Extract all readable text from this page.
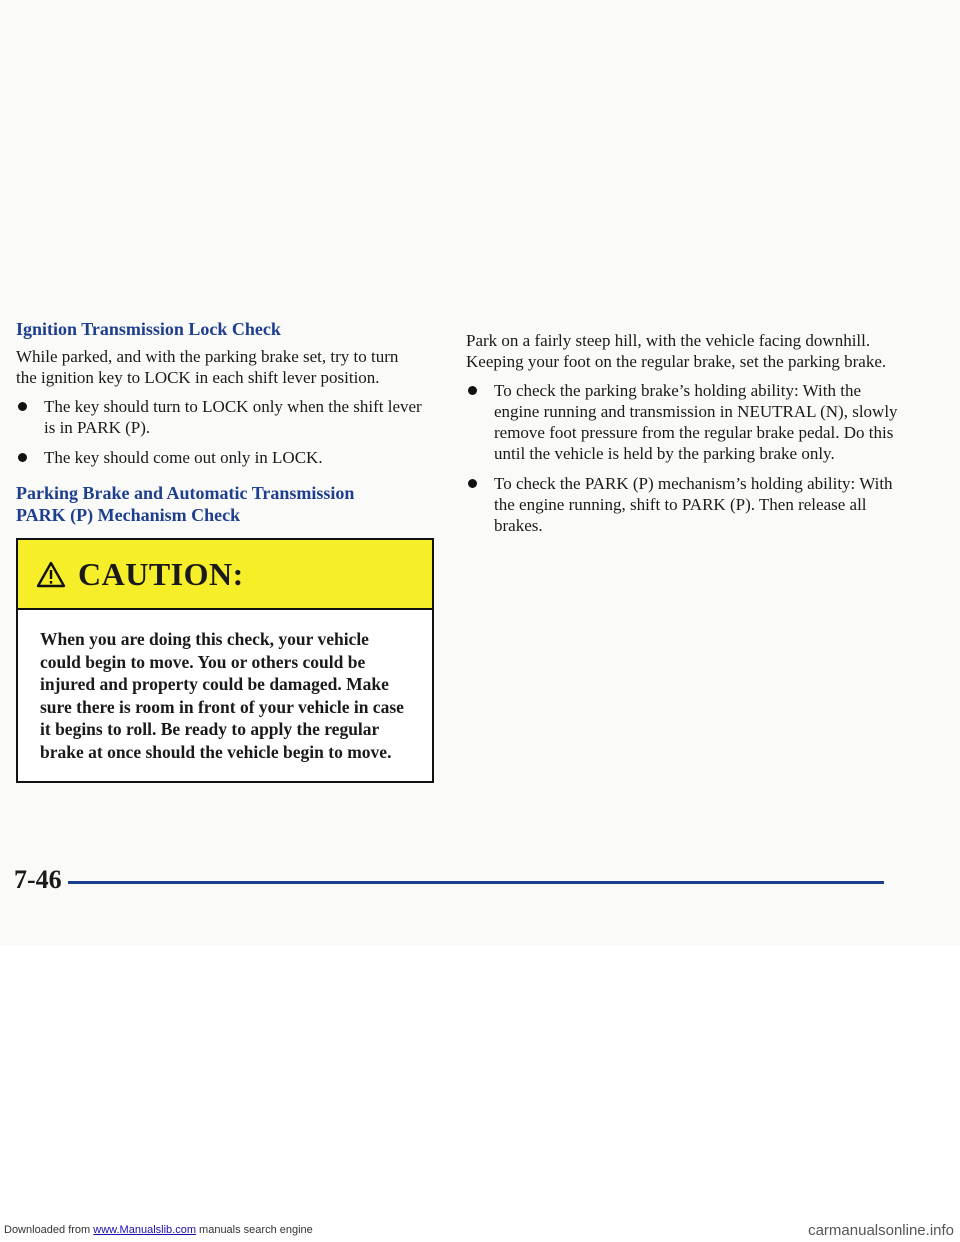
Ignition Transmission Lock Check

While parked, and with the parking brake set, try to turn the ignition key to LOCK in each shift lever position.

The key should turn to LOCK only when the shift lever is in PARK (P).
The key should come out only in LOCK.
Parking Brake and Automatic Transmission
PARK (P) Mechanism Check
CAUTION:
When you are doing this check, your vehicle could begin to move. You or others could be injured and property could be damaged. Make sure there is room in front of your vehicle in case it begins to roll. Be ready to apply the regular brake at once should the vehicle begin to move.

Park on a fairly steep hill, with the vehicle facing downhill. Keeping your foot on the regular brake, set the parking brake.

To check the parking brake’s holding ability: With the engine running and transmission in NEUTRAL (N), slowly remove foot pressure from the regular brake pedal. Do this until the vehicle is held by the parking brake only.
To check the PARK (P) mechanism’s holding ability: With the engine running, shift to PARK (P). Then release all brakes.
7-46
Downloaded from www.Manualslib.com manuals search engine	carmanualsonline.info
